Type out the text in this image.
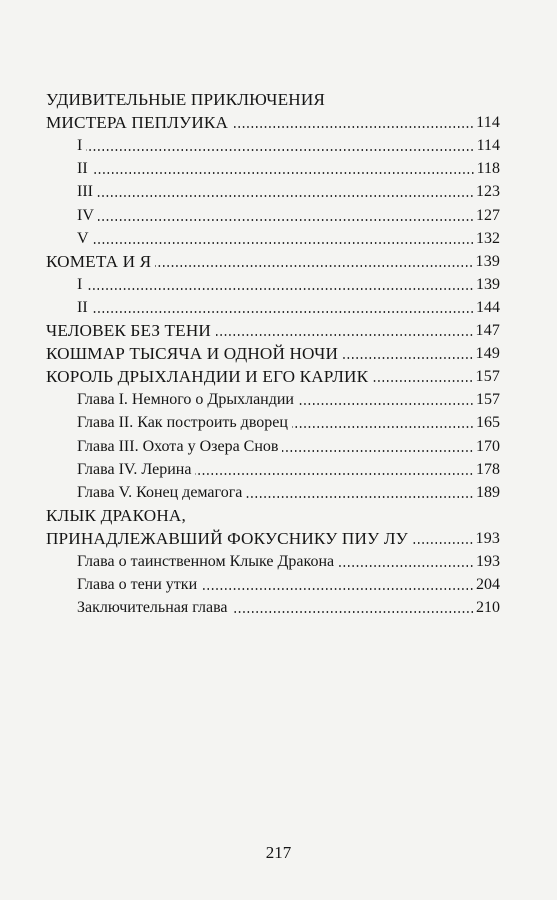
УДИВИТЕЛЬНЫЕ ПРИКЛЮЧЕНИЯ
МИСТЕРА ПЕПЛУИКА	114
I	114
II	118
III	123
IV	127
V	132
КОМЕТА И Я	139
I	139
II	144
ЧЕЛОВЕК БЕЗ ТЕНИ	147
КОШМАР ТЫСЯЧА И ОДНОЙ НОЧИ	149
КОРОЛЬ ДРЫХЛАНДИИ И ЕГО КАРЛИК	157
Глава I. Немного о Дрыхландии	157
Глава II. Как построить дворец	165
Глава III. Охота у Озера Снов	170
Глава IV. Лерина	178
Глава V. Конец демагога	189
КЛЫК ДРАКОНА,
ПРИНАДЛЕЖАВШИЙ ФОКУСНИКУ ПИУ ЛУ	193
Глава о таинственном Клыке Дракона	193
Глава о тени утки	204
Заключительная глава	210
217
